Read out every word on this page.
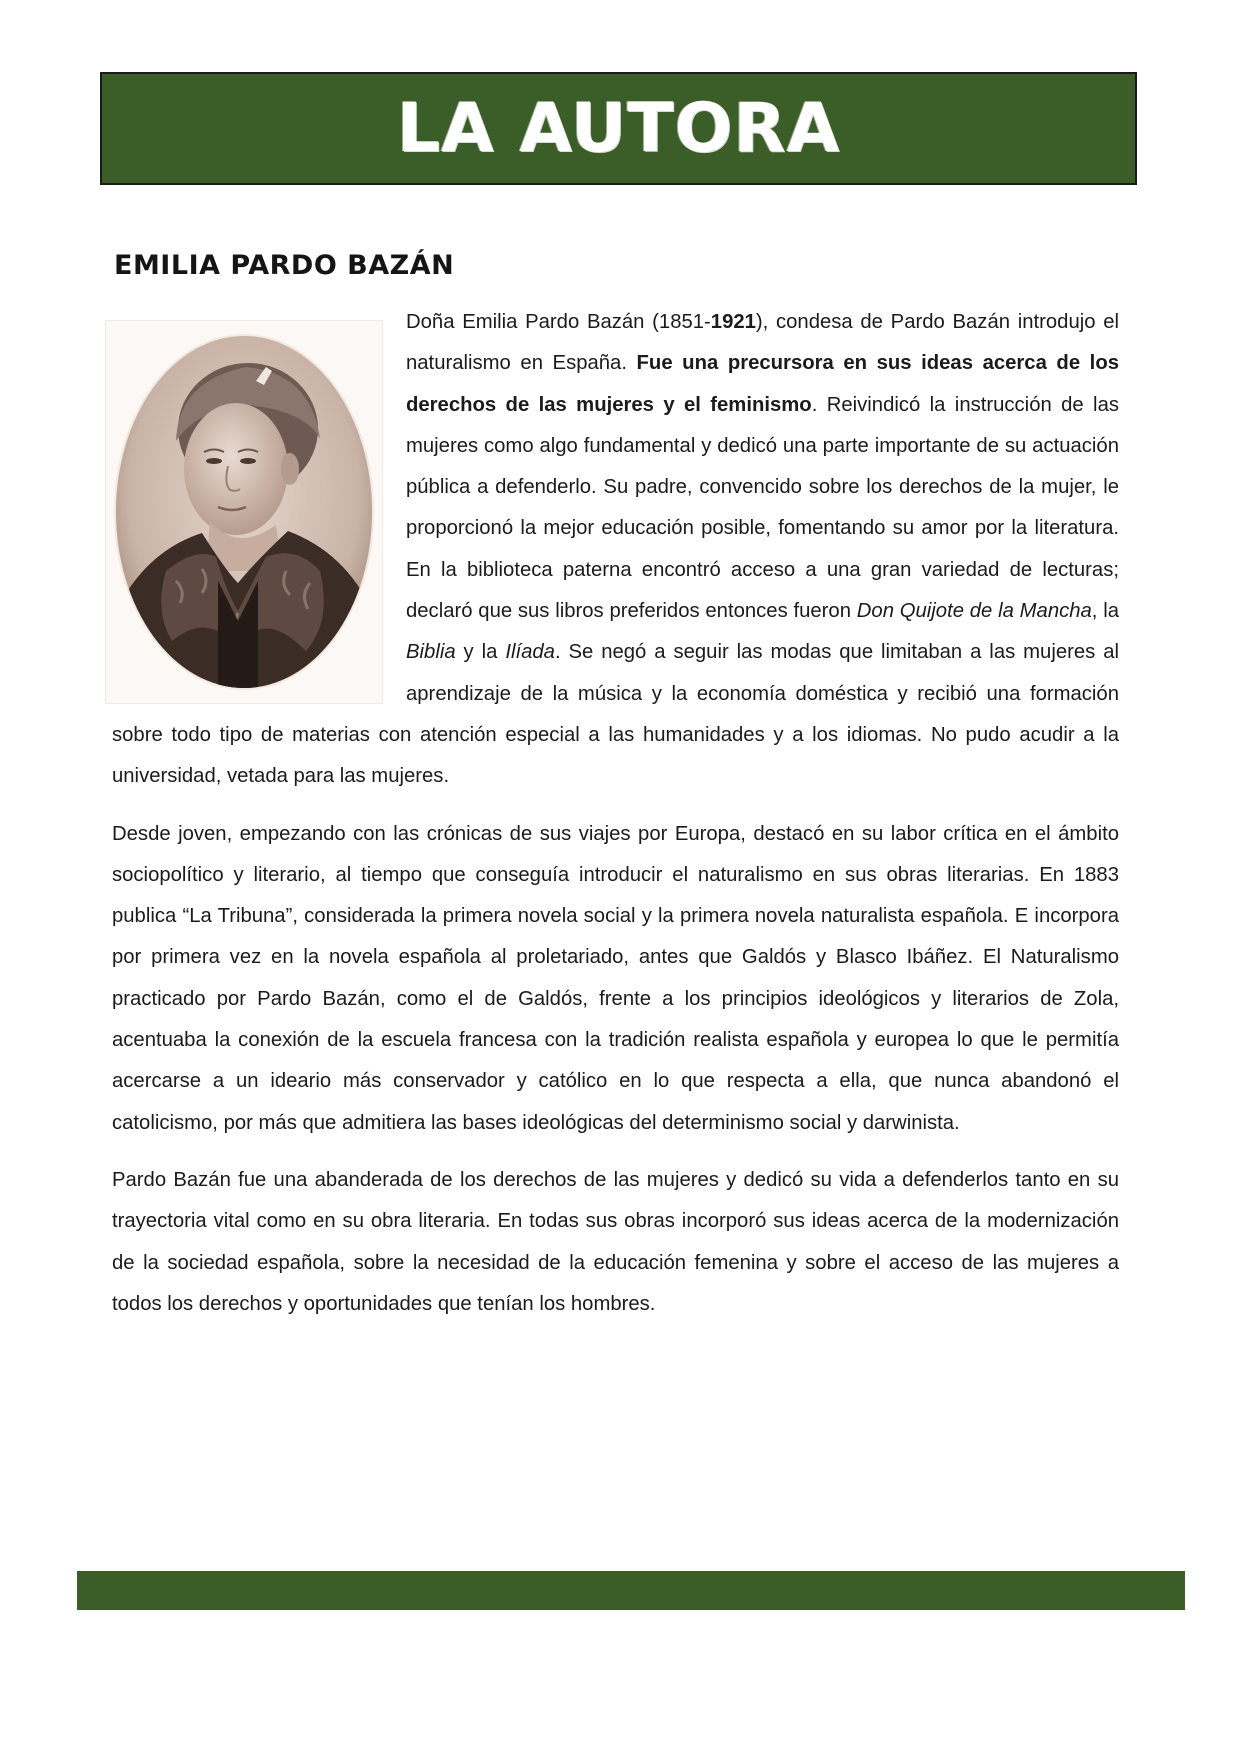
LA AUTORA
EMILIA PARDO BAZÁN

Doña Emilia Pardo Bazán (1851-1921), condesa de Pardo Bazán introdujo el naturalismo en España. Fue una precursora en sus ideas acerca de los derechos de las mujeres y el feminismo. Reivindicó la instrucción de las mujeres como algo fundamental y dedicó una parte importante de su actuación pública a defenderlo. Su padre, convencido sobre los derechos de la mujer, le proporcionó la mejor educación posible, fomentando su amor por la literatura. En la biblioteca paterna encontró acceso a una gran variedad de lecturas; declaró que sus libros preferidos entonces fueron Don Quijote de la Mancha, la Biblia y la Ilíada. Se negó a seguir las modas que limitaban a las mujeres al aprendizaje de la música y la economía doméstica y recibió una formación sobre todo tipo de materias con atención especial a las humanidades y a los idiomas. No pudo acudir a la universidad, vetada para las mujeres.

Desde joven, empezando con las crónicas de sus viajes por Europa, destacó en su labor crítica en el ámbito sociopolítico y literario, al tiempo que conseguía introducir el naturalismo en sus obras literarias. En 1883 publica “La Tribuna”, considerada la primera novela social y la primera novela naturalista española. E incorpora por primera vez en la novela española al proletariado, antes que Galdós y Blasco Ibáñez. El Naturalismo practicado por Pardo Bazán, como el de Galdós, frente a los principios ideológicos y literarios de Zola, acentuaba la conexión de la escuela francesa con la tradición realista española y europea lo que le permitía acercarse a un ideario más conservador y católico en lo que respecta a ella, que nunca abandonó el catolicismo, por más que admitiera las bases ideológicas del determinismo social y darwinista.

Pardo Bazán fue una abanderada de los derechos de las mujeres y dedicó su vida a defenderlos tanto en su trayectoria vital como en su obra literaria. En todas sus obras incorporó sus ideas acerca de la modernización de la sociedad española, sobre la necesidad de la educación femenina y sobre el acceso de las mujeres a todos los derechos y oportunidades que tenían los hombres.
